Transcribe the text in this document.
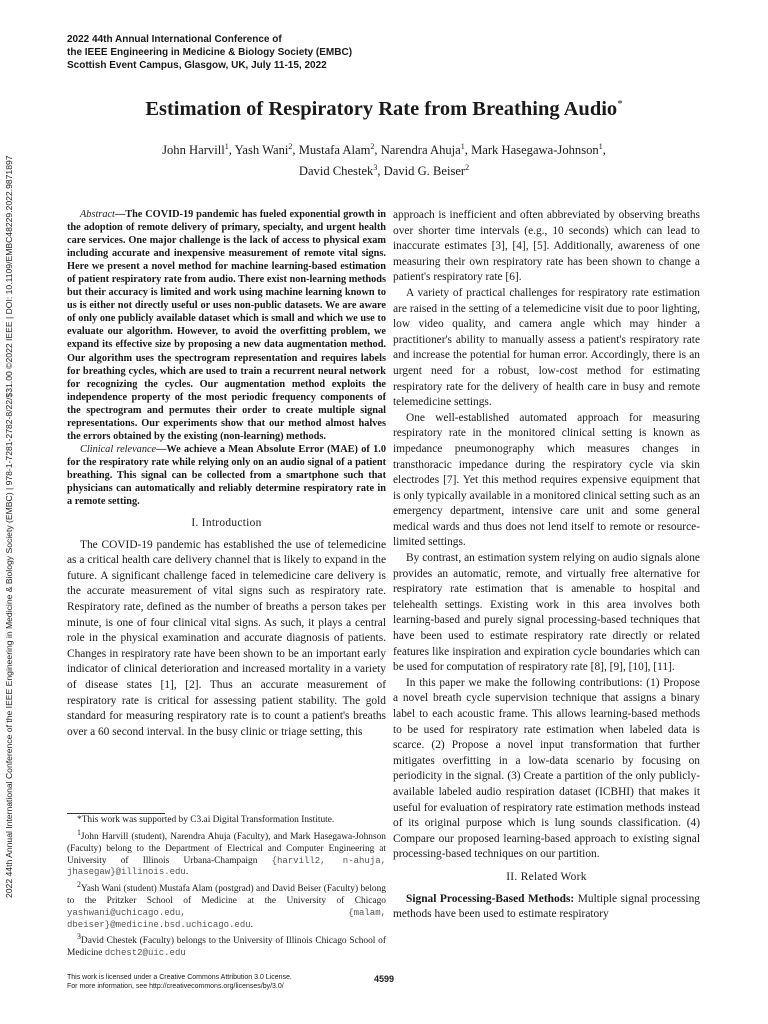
2022 44th Annual International Conference of
the IEEE Engineering in Medicine & Biology Society (EMBC)
Scottish Event Campus, Glasgow, UK, July 11-15, 2022
2022 44th Annual International Conference of the IEEE Engineering in Medicine & Biology Society (EMBC) | 978-1-7281-2782-8/22/$31.00 ©2022 IEEE | DOI: 10.1109/EMBC48229.2022.9871897
Estimation of Respiratory Rate from Breathing Audio*
John Harvill$^1$, Yash Wani$^2$, Mustafa Alam$^2$, Narendra Ahuja$^1$, Mark Hasegawa-Johnson$^1$,
David Chestek$^3$, David G. Beiser$^2$

Abstract—The COVID-19 pandemic has fueled exponential growth in the adoption of remote delivery of primary, specialty, and urgent health care services. One major challenge is the lack of access to physical exam including accurate and inexpensive measurement of remote vital signs. Here we present a novel method for machine learning-based estimation of patient respiratory rate from audio. There exist non-learning methods but their accuracy is limited and work using machine learning known to us is either not directly useful or uses non-public datasets. We are aware of only one publicly available dataset which is small and which we use to evaluate our algorithm. However, to avoid the overfitting problem, we expand its effective size by proposing a new data augmentation method. Our algorithm uses the spectrogram representation and requires labels for breathing cycles, which are used to train a recurrent neural network for recognizing the cycles. Our augmentation method exploits the independence property of the most periodic frequency components of the spectrogram and permutes their order to create multiple signal representations. Our experiments show that our method almost halves the errors obtained by the existing (non-learning) methods.

Clinical relevance—We achieve a Mean Absolute Error (MAE) of 1.0 for the respiratory rate while relying only on an audio signal of a patient breathing. This signal can be collected from a smartphone such that physicians can automatically and reliably determine respiratory rate in a remote setting.

I. Introduction

The COVID-19 pandemic has established the use of telemedicine as a critical health care delivery channel that is likely to expand in the future. A significant challenge faced in telemedicine care delivery is the accurate measurement of vital signs such as respiratory rate. Respiratory rate, defined as the number of breaths a person takes per minute, is one of four clinical vital signs. As such, it plays a central role in the physical examination and accurate diagnosis of patients. Changes in respiratory rate have been shown to be an important early indicator of clinical deterioration and increased mortality in a variety of disease states [1], [2]. Thus an accurate measurement of respiratory rate is critical for assessing patient stability. The gold standard for measuring respiratory rate is to count a patient's breaths over a 60 second interval. In the busy clinic or triage setting, this

*This work was supported by C3.ai Digital Transformation Institute.

$^1$John Harvill (student), Narendra Ahuja (Faculty), and Mark Hasegawa-Johnson (Faculty) belong to the Department of Electrical and Computer Engineering at University of Illinois Urbana-Champaign {harvill2, n-ahuja, jhasegaw}@illinois.edu.

$^2$Yash Wani (student) Mustafa Alam (postgrad) and David Beiser (Faculty) belong to the Pritzker School of Medicine at the University of Chicago yashwani@uchicago.edu, {malam, dbeiser}@medicine.bsd.uchicago.edu.

$^3$David Chestek (Faculty) belongs to the University of Illinois Chicago School of Medicine dchest2@uic.edu

approach is inefficient and often abbreviated by observing breaths over shorter time intervals (e.g., 10 seconds) which can lead to inaccurate estimates [3], [4], [5]. Additionally, awareness of one measuring their own respiratory rate has been shown to change a patient's respiratory rate [6].

A variety of practical challenges for respiratory rate estimation are raised in the setting of a telemedicine visit due to poor lighting, low video quality, and camera angle which may hinder a practitioner's ability to manually assess a patient's respiratory rate and increase the potential for human error. Accordingly, there is an urgent need for a robust, low-cost method for estimating respiratory rate for the delivery of health care in busy and remote telemedicine settings.

One well-established automated approach for measuring respiratory rate in the monitored clinical setting is known as impedance pneumonography which measures changes in transthoracic impedance during the respiratory cycle via skin electrodes [7]. Yet this method requires expensive equipment that is only typically available in a monitored clinical setting such as an emergency department, intensive care unit and some general medical wards and thus does not lend itself to remote or resource-limited settings.

By contrast, an estimation system relying on audio signals alone provides an automatic, remote, and virtually free alternative for respiratory rate estimation that is amenable to hospital and telehealth settings. Existing work in this area involves both learning-based and purely signal processing-based techniques that have been used to estimate respiratory rate directly or related features like inspiration and expiration cycle boundaries which can be used for computation of respiratory rate [8], [9], [10], [11].

In this paper we make the following contributions: (1) Propose a novel breath cycle supervision technique that assigns a binary label to each acoustic frame. This allows learning-based methods to be used for respiratory rate estimation when labeled data is scarce. (2) Propose a novel input transformation that further mitigates overfitting in a low-data scenario by focusing on periodicity in the signal. (3) Create a partition of the only publicly-available labeled audio respiration dataset (ICBHI) that makes it useful for evaluation of respiratory rate estimation methods instead of its original purpose which is lung sounds classification. (4) Compare our proposed learning-based approach to existing signal processing-based techniques on our partition.

II. Related Work

Signal Processing-Based Methods: Multiple signal processing methods have been used to estimate respiratory

This work is licensed under a Creative Commons Attribution 3.0 License.
For more information, see http://creativecommons.org/licenses/by/3.0/
4599
